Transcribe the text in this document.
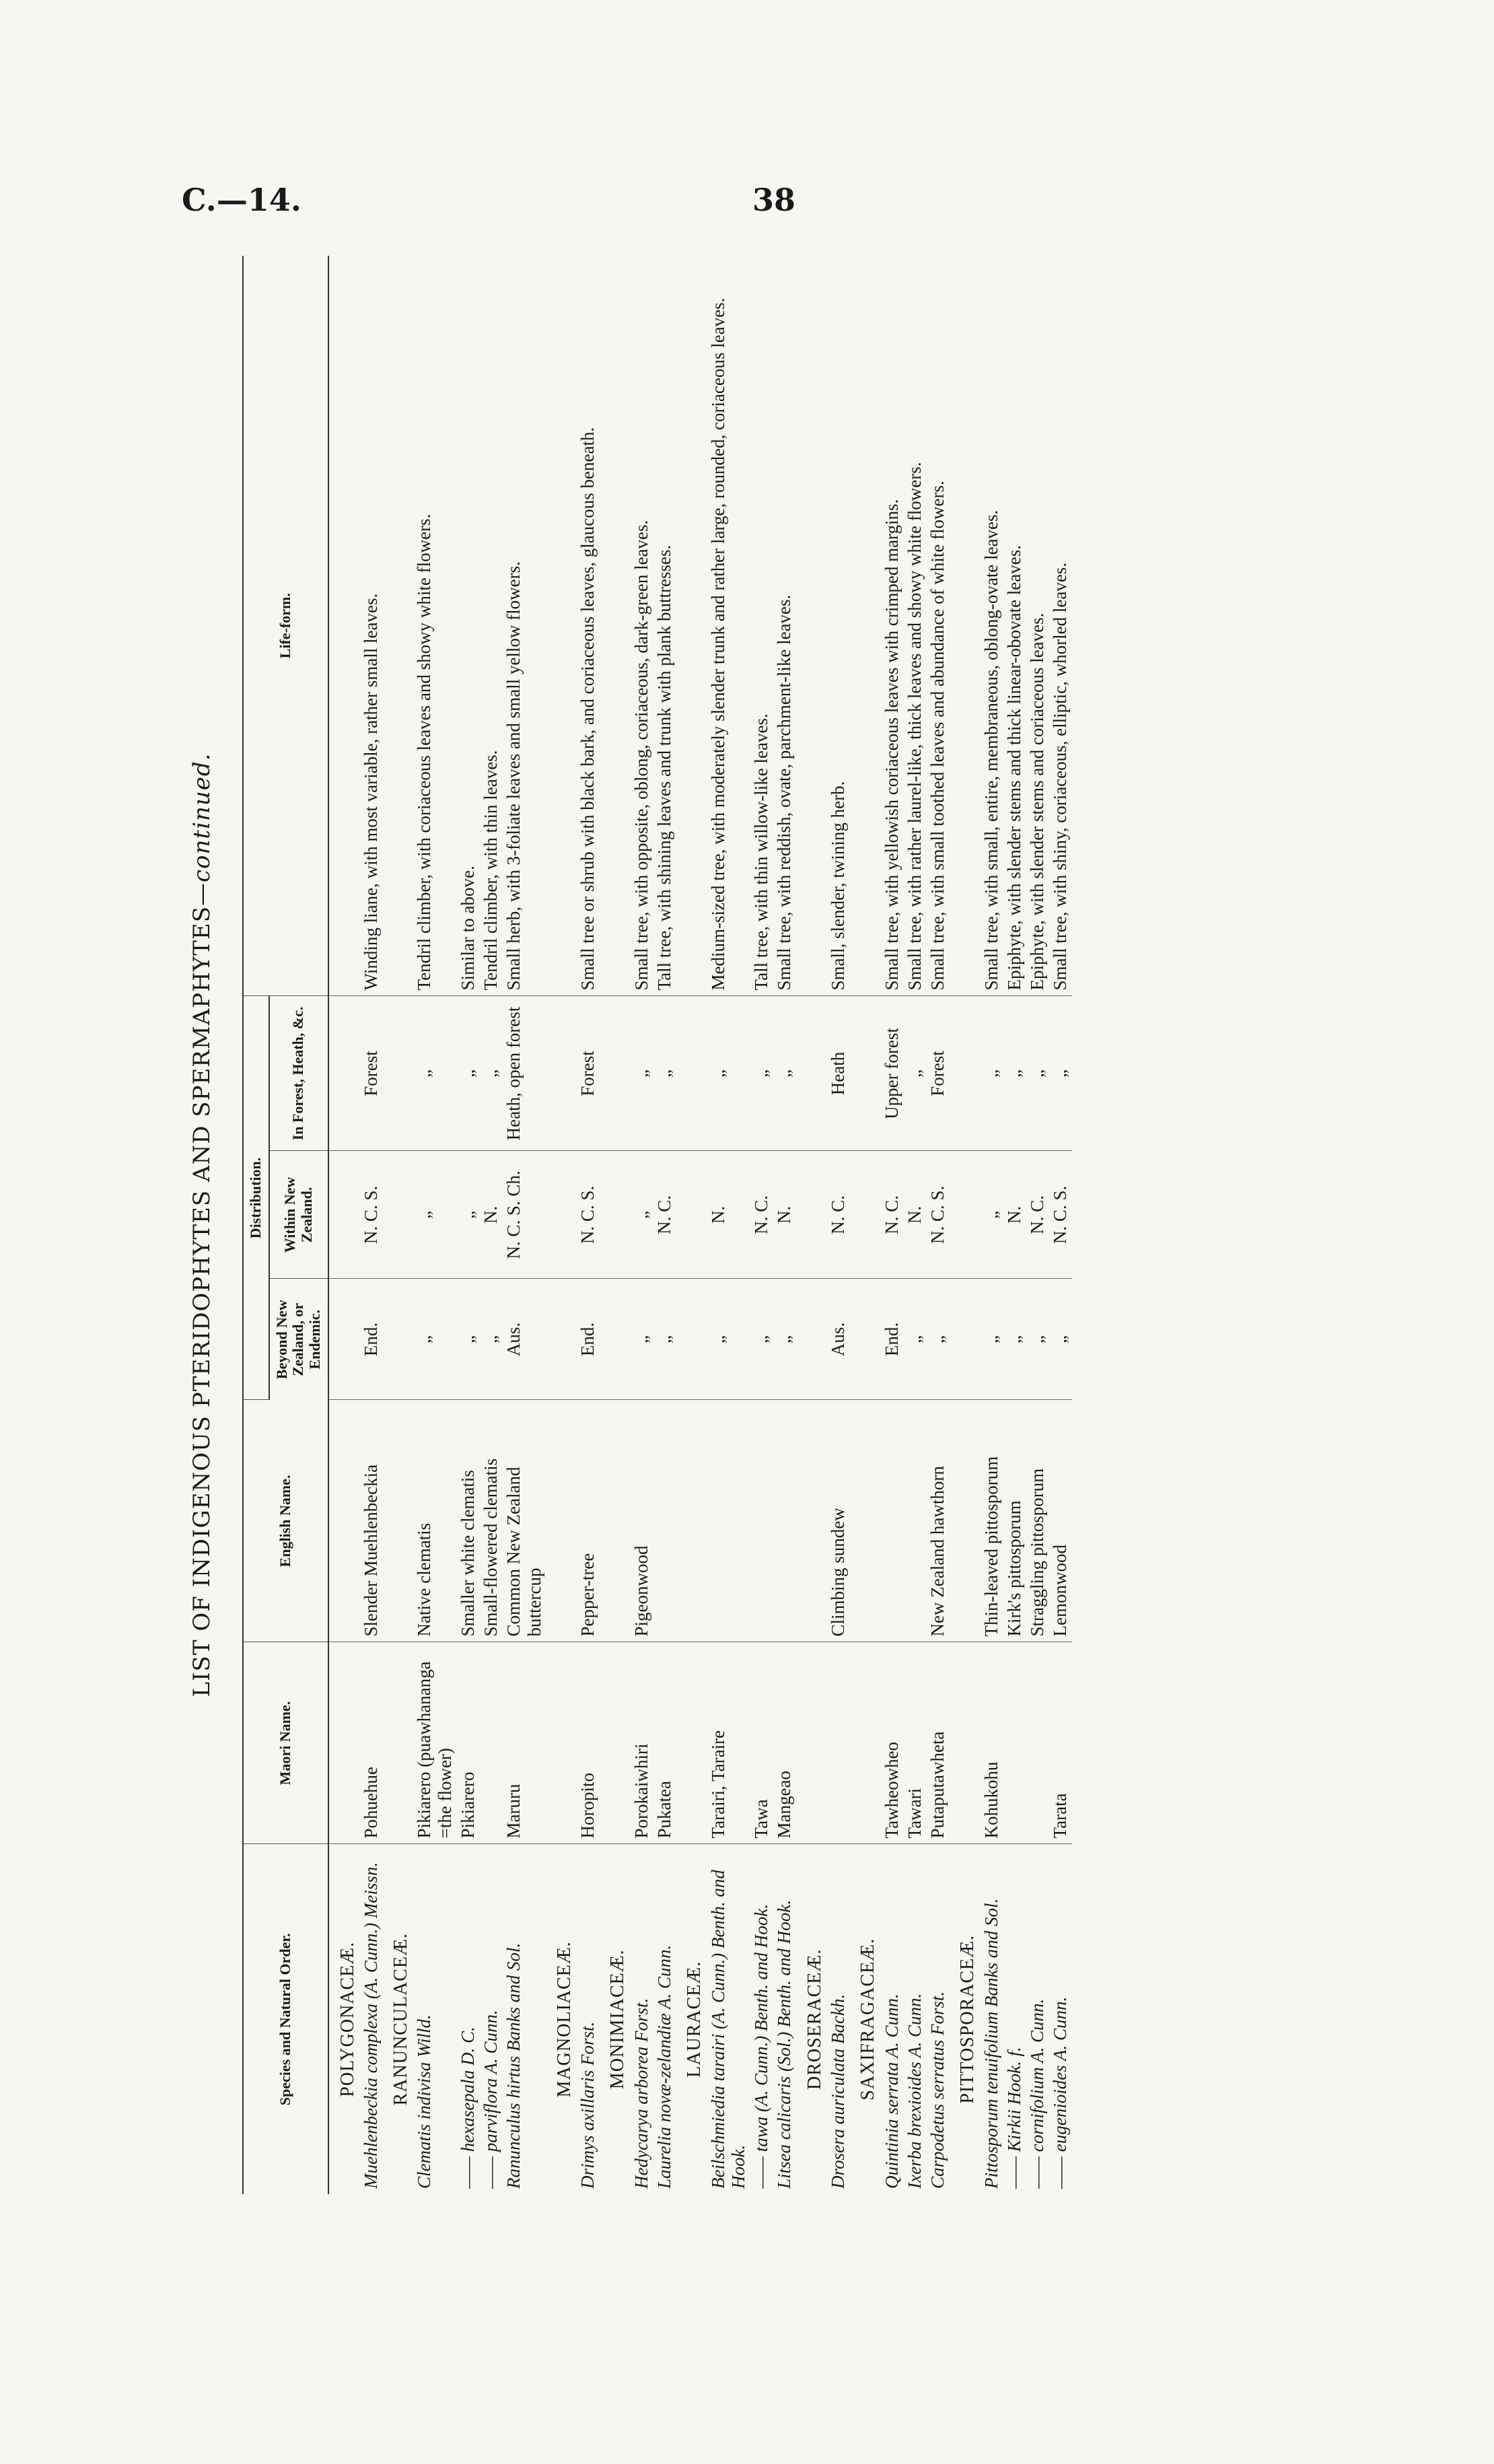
C.—14.	38
LIST OF INDIGENOUS PTERIDOPHYTES AND SPERMAPHYTES—continued.
Species and Natural Order.	Maori Name.	English Name.	Distribution.			Life-form.
			Beyond New Zealand, or Endemic.	Within New Zealand.	In Forest, Heath, &c.	
POLYGONACEÆ.						
Muehlenbeckia complexa (A. Cunn.) Meissn.	Pohuehue	Slender Muehlenbeckia	End.	N. C. S.	Forest	Winding liane, with most variable, rather small leaves.
RANUNCULACEÆ.						
Clematis indivisa Willd.	Pikiarero (puawhananga =the flower)	Native clematis	„	„	„	Tendril climber, with coriaceous leaves and showy white flowers.
—— hexasepala D. C.	Pikiarero	Smaller white clematis	„	„	„	Similar to above.
—— parviflora A. Cunn.		Small-flowered clematis	„	N.	„	Tendril climber, with thin leaves.
Ranunculus hirtus Banks and Sol.	Maruru	Common New Zealand buttercup	Aus.	N. C. S. Ch.	Heath, open forest	Small herb, with 3-foliate leaves and small yellow flowers.
MAGNOLIACEÆ.						
Drimys axillaris Forst.	Horopito	Pepper-tree	End.	N. C. S.	Forest	Small tree or shrub with black bark, and coriaceous leaves, glaucous beneath.
MONIMIACEÆ.						
Hedycarya arborea Forst.	Porokaiwhiri	Pigeonwood	„	„	„	Small tree, with opposite, oblong, coriaceous, dark-green leaves.
Laurelia novæ-zelandiæ A. Cunn.	Pukatea		„	N. C.	„	Tall tree, with shining leaves and trunk with plank buttresses.
LAURACEÆ.						
Beilschmiedia tarairi (A. Cunn.) Benth. and Hook.	Tarairi, Taraire		„	N.	„	Medium-sized tree, with moderately slender trunk and rather large, rounded, coriaceous leaves.
—— tawa (A. Cunn.) Benth. and Hook.	Tawa		„	N. C.	„	Tall tree, with thin willow-like leaves.
Litsea calicaris (Sol.) Benth. and Hook.	Mangeao		„	N.	„	Small tree, with reddish, ovate, parchment-like leaves.
DROSERACEÆ.						
Drosera auriculata Backh.		Climbing sundew	Aus.	N. C.	Heath	Small, slender, twining herb.
SAXIFRAGACEÆ.						
Quintinia serrata A. Cunn.	Tawheowheo		End.	N. C.	Upper forest	Small tree, with yellowish coriaceous leaves with crimped margins.
Ixerba brexioides A. Cunn.	Tawari		„	N.	„	Small tree, with rather laurel-like, thick leaves and showy white flowers.
Carpodetus serratus Forst.	Putaputawheta	New Zealand hawthorn	„	N. C. S.	Forest	Small tree, with small toothed leaves and abundance of white flowers.
PITTOSPORACEÆ.						
Pittosporum tenuifolium Banks and Sol.	Kohukohu	Thin-leaved pittosporum	„	„	„	Small tree, with small, entire, membraneous, oblong-ovate leaves.
—— Kirkii Hook. f.		Kirk's pittosporum	„	N.	„	Epiphyte, with slender stems and thick linear-obovate leaves.
—— cornifolium A. Cunn.		Straggling pittosporum	„	N. C.	„	Epiphyte, with slender stems and coriaceous leaves.
—— eugenioides A. Cunn.	Tarata	Lemonwood	„	N. C. S.	„	Small tree, with shiny, coriaceous, elliptic, whorled leaves.
